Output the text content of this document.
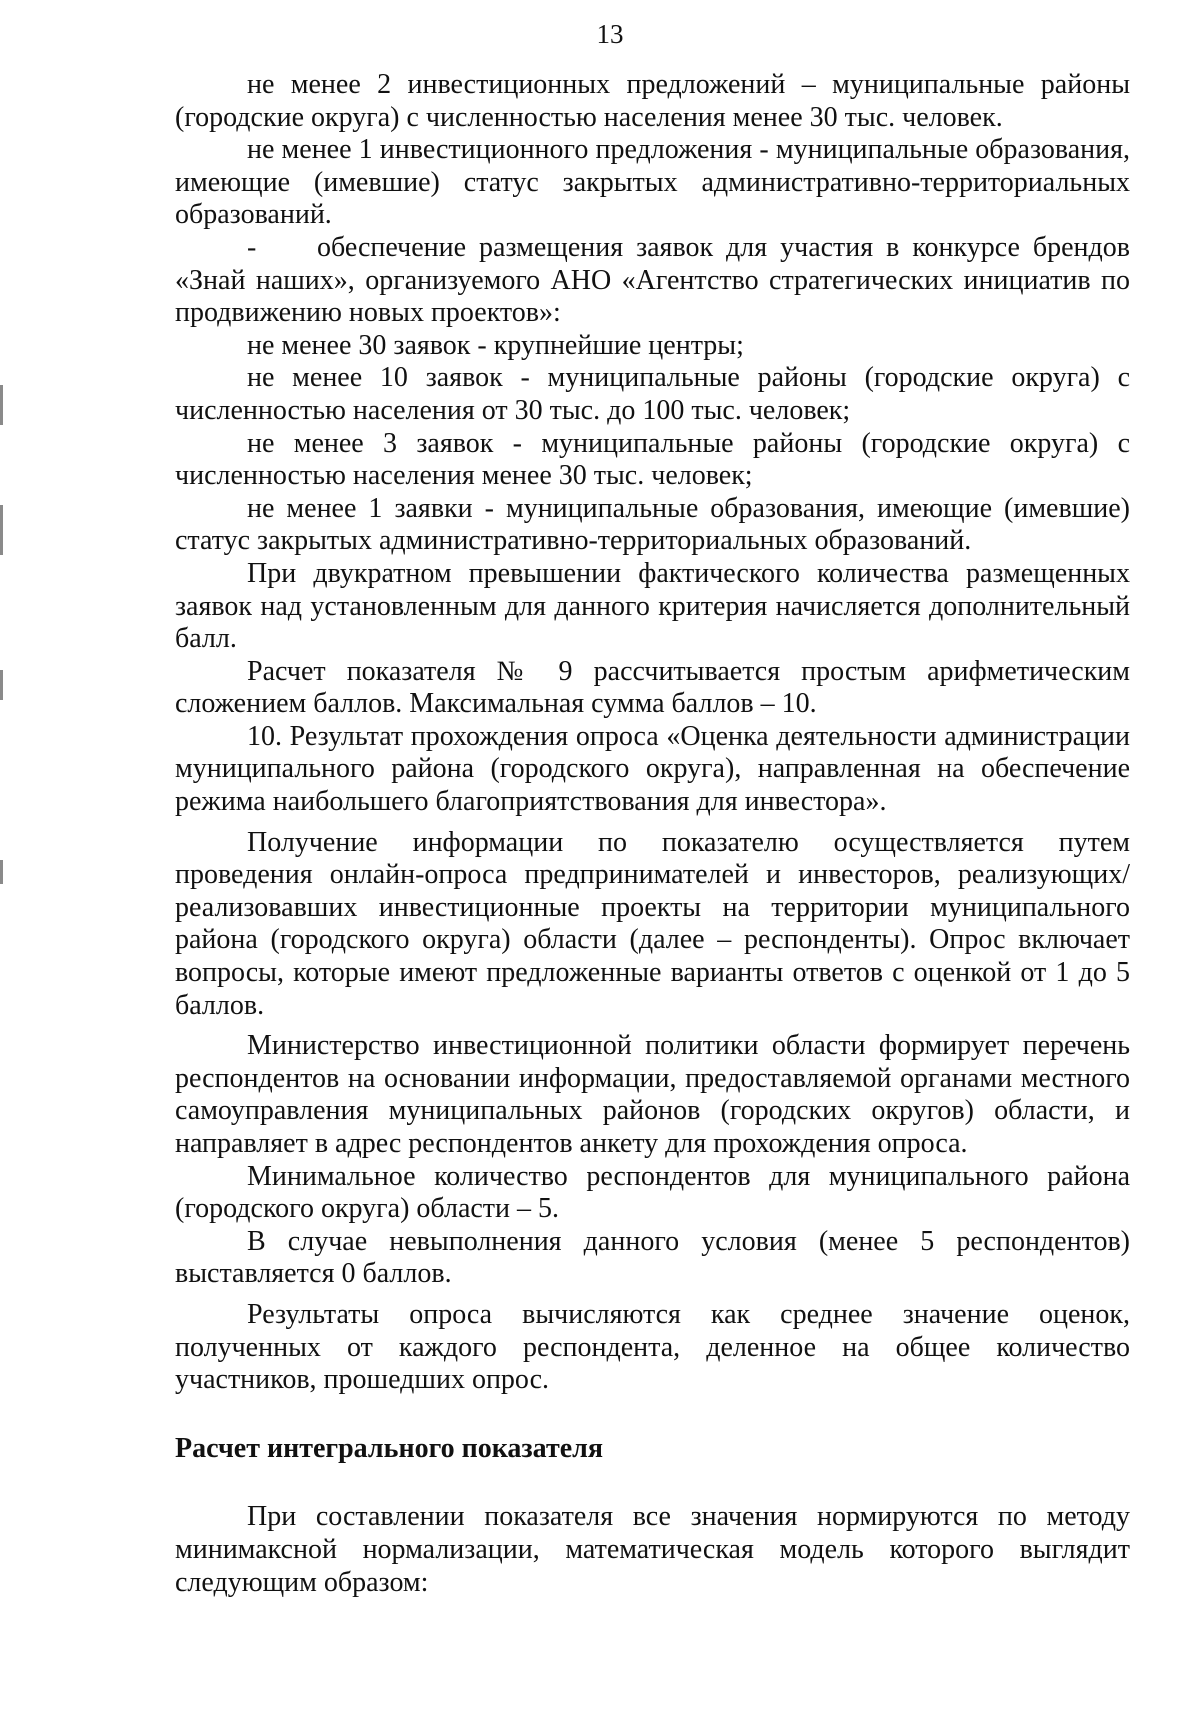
13

не менее 2 инвестиционных предложений – муниципальные районы (городские округа) с численностью населения менее 30 тыс. человек.

не менее 1 инвестиционного предложения - муниципальные образования, имеющие (имевшие) статус закрытых административно-территориальных образований.

- обеспечение размещения заявок для участия в конкурсе брендов «Знай наших», организуемого АНО «Агентство стратегических инициатив по продвижению новых проектов»:

не менее 30 заявок - крупнейшие центры;

не менее 10 заявок - муниципальные районы (городские округа) с численностью населения от 30 тыс. до 100 тыс. человек;

не менее 3 заявок - муниципальные районы (городские округа) с численностью населения менее 30 тыс. человек;

не менее 1 заявки - муниципальные образования, имеющие (имевшие) статус закрытых административно-территориальных образований.

При двукратном превышении фактического количества размещенных заявок над установленным для данного критерия начисляется дополнительный балл.

Расчет показателя № 9 рассчитывается простым арифметическим сложением баллов. Максимальная сумма баллов – 10.

10. Результат прохождения опроса «Оценка деятельности администрации муниципального района (городского округа), направленная на обеспечение режима наибольшего благоприятствования для инвестора».

Получение информации по показателю осуществляется путем проведения онлайн-опроса предпринимателей и инвесторов, реализующих/реализовавших инвестиционные проекты на территории муниципального района (городского округа) области (далее – респонденты). Опрос включает вопросы, которые имеют предложенные варианты ответов с оценкой от 1 до 5 баллов.

Министерство инвестиционной политики области формирует перечень респондентов на основании информации, предоставляемой органами местного самоуправления муниципальных районов (городских округов) области, и направляет в адрес респондентов анкету для прохождения опроса.

Минимальное количество респондентов для муниципального района (городского округа) области – 5.

В случае невыполнения данного условия (менее 5 респондентов) выставляется 0 баллов.

Результаты опроса вычисляются как среднее значение оценок, полученных от каждого респондента, деленное на общее количество участников, прошедших опрос.

Расчет интегрального показателя

При составлении показателя все значения нормируются по методу минимаксной нормализации, математическая модель которого выглядит следующим образом:
